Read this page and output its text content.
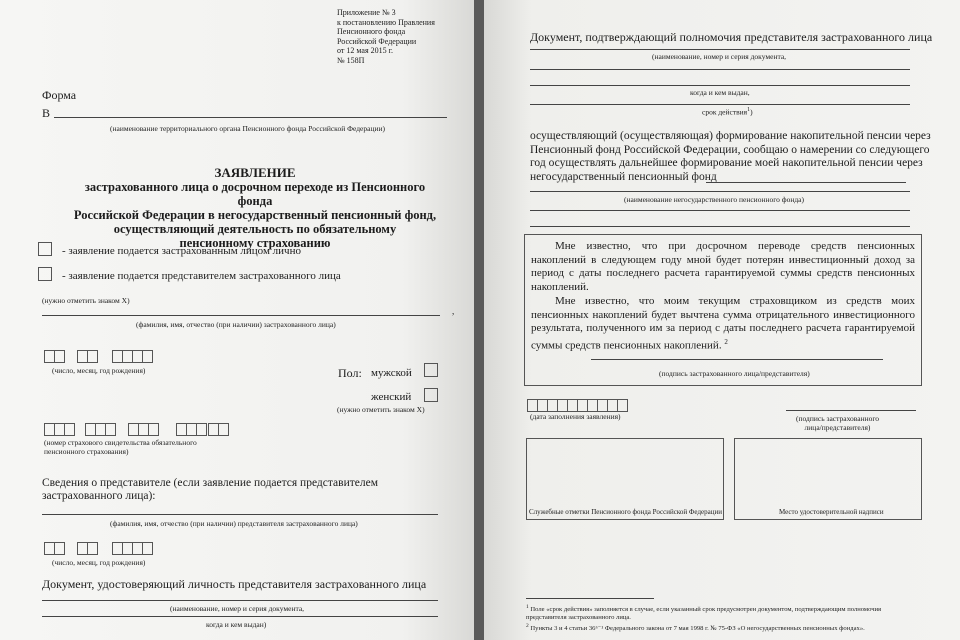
Приложение № 3
к постановлению Правления
Пенсионного фонда
Российской Федерации
от 12 мая 2015 г.
№ 158П
Форма
В
(наименование территориального органа Пенсионного фонда Российской Федерации)
ЗАЯВЛЕНИЕ
застрахованного лица о досрочном переходе из Пенсионного фонда
Российской Федерации в негосударственный пенсионный фонд,
осуществляющий деятельность по обязательному
пенсионному страхованию
- заявление подается застрахованным лицом лично
- заявление подается представителем застрахованного лица
(нужно отметить знаком Х)
,
(фамилия, имя, отчество (при наличии) застрахованного лица)
(число, месяц, год рождения)	Пол: мужской
женский
(нужно отметить знаком Х)
(номер страхового свидетельства обязательного
пенсионного страхования)
Сведения о представителе (если заявление подается представителем
застрахованного лица):
(фамилия, имя, отчество (при наличии) представителя застрахованного лица)
(число, месяц, год рождения)
Документ, удостоверяющий личность представителя застрахованного лица
(наименование, номер и серия документа,
когда и кем выдан)
Документ, подтверждающий полномочия представителя застрахованного лица
(наименование, номер и серия документа,
когда и кем выдан,
срок действия$^1$)
осуществляющий (осуществляющая) формирование накопительной пенсии через
Пенсионный фонд Российской Федерации, сообщаю о намерении со следующего
год осуществлять дальнейшее формирование моей накопительной пенсии через
негосударственный пенсионный фонд
(наименование негосударственного пенсионного фонда)
Мне известно, что при досрочном переводе средств пенсионных накоплений в следующем году мной будет потерян инвестиционный доход за период с даты последнего расчета гарантируемой суммы средств пенсионных накоплений.
Мне известно, что моим текущим страховщиком из средств моих пенсионных накоплений будет вычтена сумма отрицательного инвестиционного результата, полученного им за период с даты последнего расчета гарантируемой суммы средств пенсионных накоплений. $^2$
(подпись застрахованного лица/представителя)
(дата заполнения заявления)	(подпись застрахованного
лица/представителя)
Служебные отметки Пенсионного фонда Российской Федерации	Место удостоверительной надписи
$^1$ Поле «срок действия» заполняется в случае, если указанный срок предусмотрен документом, подтверждающим полномочия представителя застрахованного лица.
$^2$ Пункты 3 и 4 статьи 36⁶⁻¹ Федерального закона от 7 мая 1998 г. № 75-ФЗ «О негосударственных пенсионных фондах».
